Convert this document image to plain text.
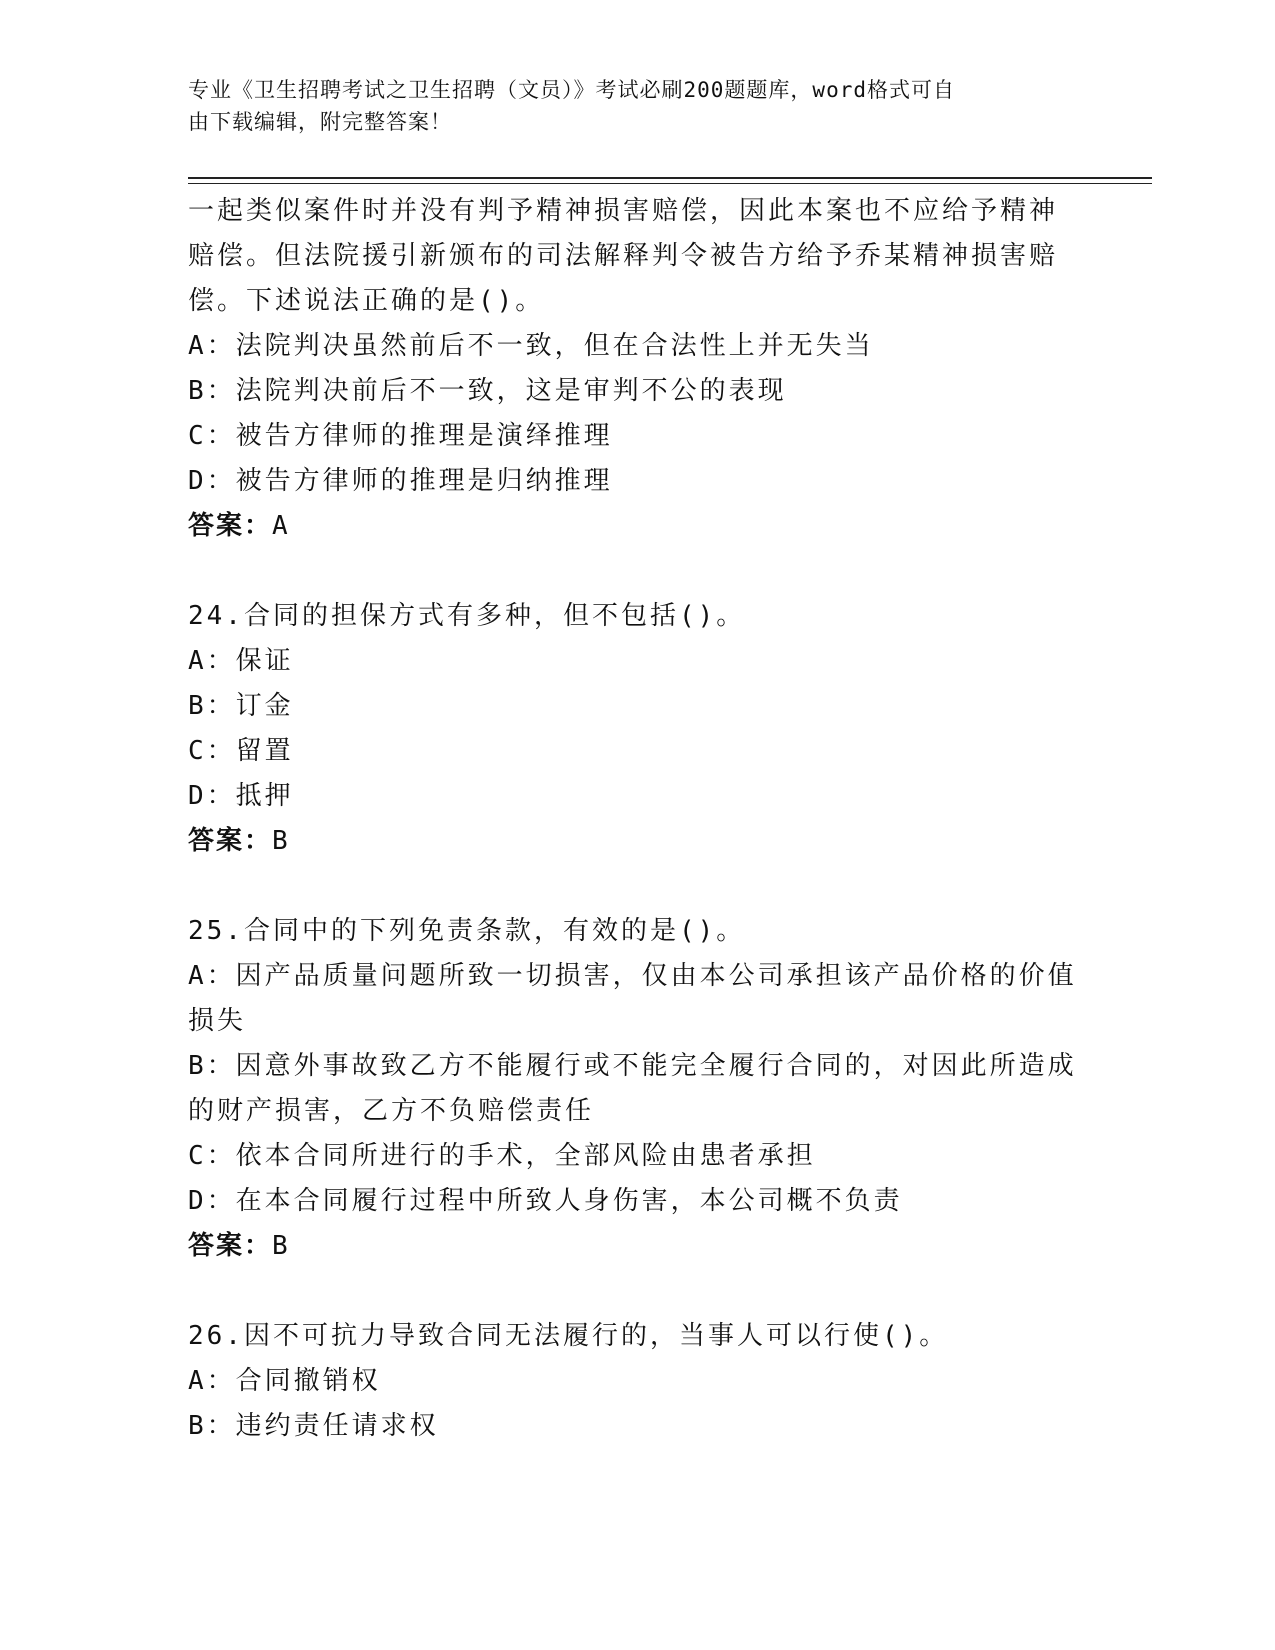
专业《卫生招聘考试之卫生招聘（文员）》考试必刷200题题库，word格式可自
由下载编辑，附完整答案！
一起类似案件时并没有判予精神损害赔偿，因此本案也不应给予精神
赔偿。但法院援引新颁布的司法解释判令被告方给予乔某精神损害赔
偿。下述说法正确的是()。
A：法院判决虽然前后不一致，但在合法性上并无失当
B：法院判决前后不一致，这是审判不公的表现
C：被告方律师的推理是演绎推理
D：被告方律师的推理是归纳推理
答案：A
24.合同的担保方式有多种，但不包括()。
A：保证
B：订金
C：留置
D：抵押
答案：B
25.合同中的下列免责条款，有效的是()。
A：因产品质量问题所致一切损害，仅由本公司承担该产品价格的价值
损失
B：因意外事故致乙方不能履行或不能完全履行合同的，对因此所造成
的财产损害，乙方不负赔偿责任
C：依本合同所进行的手术，全部风险由患者承担
D：在本合同履行过程中所致人身伤害，本公司概不负责
答案：B
26.因不可抗力导致合同无法履行的，当事人可以行使()。
A：合同撤销权
B：违约责任请求权
